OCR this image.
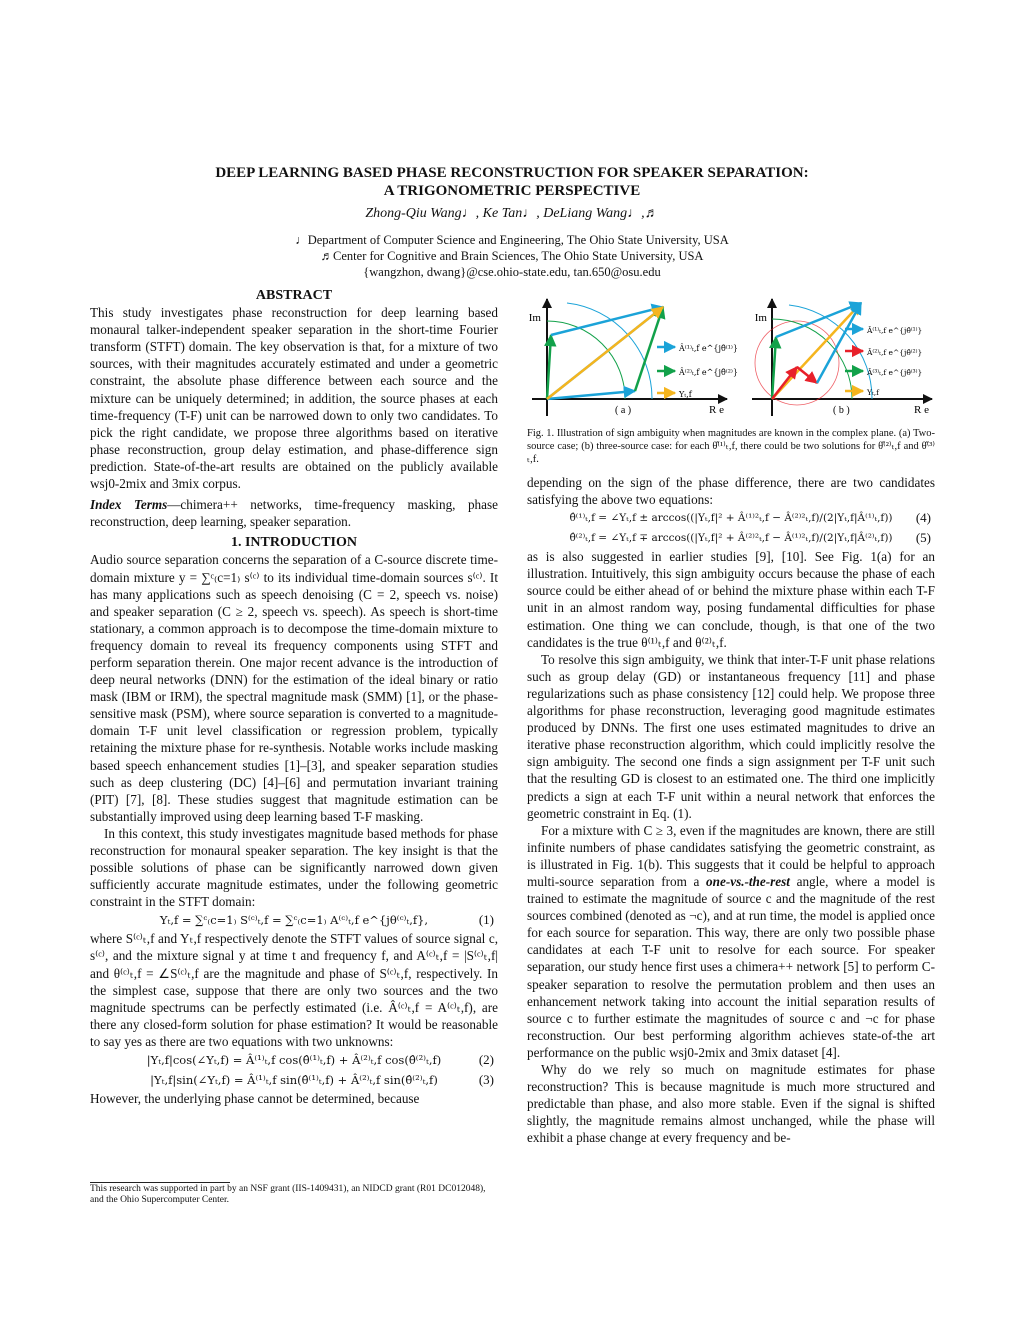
DEEP LEARNING BASED PHASE RECONSTRUCTION FOR SPEAKER SEPARATION:
A TRIGONOMETRIC PERSPECTIVE
Zhong-Qiu Wang♩, Ke Tan♩, DeLiang Wang♩,♬
♩Department of Computer Science and Engineering, The Ohio State University, USA
♬Center for Cognitive and Brain Sciences, The Ohio State University, USA
{wangzhon, dwang}@cse.ohio-state.edu, tan.650@osu.edu
ABSTRACT

This study investigates phase reconstruction for deep learning based monaural talker-independent speaker separation in the short-time Fourier transform (STFT) domain. The key observation is that, for a mixture of two sources, with their magnitudes accurately estimated and under a geometric constraint, the absolute phase difference between each source and the mixture can be uniquely determined; in addition, the source phases at each time-frequency (T-F) unit can be narrowed down to only two candidates. To pick the right candidate, we propose three algorithms based on iterative phase reconstruction, group delay estimation, and phase-difference sign prediction. State-of-the-art results are obtained on the publicly available wsj0-2mix and 3mix corpus.

Index Terms—chimera++ networks, time-frequency masking, phase reconstruction, deep learning, speaker separation.

1. INTRODUCTION

Audio source separation concerns the separation of a C-source discrete time-domain mixture y = ∑ᶜ₍c=1₎ s⁽ᶜ⁾ to its individual time-domain sources s⁽ᶜ⁾. It has many applications such as speech denoising (C = 2, speech vs. noise) and speaker separation (C ≥ 2, speech vs. speech). As speech is short-time stationary, a common approach is to decompose the time-domain mixture to frequency domain to reveal its frequency components using STFT and perform separation therein. One major recent advance is the introduction of deep neural networks (DNN) for the estimation of the ideal binary or ratio mask (IBM or IRM), the spectral magnitude mask (SMM) [1], or the phase-sensitive mask (PSM), where source separation is converted to a magnitude-domain T-F unit level classification or regression problem, typically retaining the mixture phase for re-synthesis. Notable works include masking based speech enhancement studies [1]–[3], and speaker separation studies such as deep clustering (DC) [4]–[6] and permutation invariant training (PIT) [7], [8]. These studies suggest that magnitude estimation can be substantially improved using deep learning based T-F masking.

In this context, this study investigates magnitude based methods for phase reconstruction for monaural speaker separation. The key insight is that the possible solutions of phase can be significantly narrowed down given sufficiently accurate magnitude estimates, under the following geometric constraint in the STFT domain:

Yₜ,f = ∑ᶜ₍c=1₎ S⁽ᶜ⁾ₜ,f = ∑ᶜ₍c=1₎ A⁽ᶜ⁾ₜ,f e^{jθ⁽ᶜ⁾ₜ,f},	(1)

where S⁽ᶜ⁾ₜ,f and Yₜ,f respectively denote the STFT values of source signal c, s⁽ᶜ⁾, and the mixture signal y at time t and frequency f, and A⁽ᶜ⁾ₜ,f = |S⁽ᶜ⁾ₜ,f| and θ⁽ᶜ⁾ₜ,f = ∠S⁽ᶜ⁾ₜ,f are the magnitude and phase of S⁽ᶜ⁾ₜ,f, respectively. In the simplest case, suppose that there are only two sources and the two magnitude spectrums can be perfectly estimated (i.e. Â⁽ᶜ⁾ₜ,f = A⁽ᶜ⁾ₜ,f), are there any closed-form solution for phase estimation? It would be reasonable to say yes as there are two equations with two unknowns:

|Yₜ,f|cos(∠Yₜ,f) = Â⁽¹⁾ₜ,f cos(θ̂⁽¹⁾ₜ,f) + Â⁽²⁾ₜ,f cos(θ̂⁽²⁾ₜ,f)	(2)
|Yₜ,f|sin(∠Yₜ,f) = Â⁽¹⁾ₜ,f sin(θ̂⁽¹⁾ₜ,f) + Â⁽²⁾ₜ,f sin(θ̂⁽²⁾ₜ,f)	(3)

However, the underlying phase cannot be determined, because

This research was supported in part by an NSF grant (IIS-1409431), an NIDCD grant (R01 DC012048), and the Ohio Supercomputer Center.
Im
R e
( a )
Â⁽¹⁾ₜ,f e^{jθ̂⁽¹⁾}
Â⁽²⁾ₜ,f e^{jθ̂⁽²⁾}
Yₜ,f
Im
R e
( b )
Â⁽¹⁾ₜ,f e^{jθ̂⁽¹⁾}
Â⁽²⁾ₜ,f e^{jθ̂⁽²⁾}
Â⁽³⁾ₜ,f e^{jθ̂⁽³⁾}
Yₜ,f

Fig. 1. Illustration of sign ambiguity when magnitudes are known in the complex plane. (a) Two-source case; (b) three-source case: for each θ̂⁽¹⁾ₜ,f, there could be two solutions for θ̂⁽²⁾ₜ,f and θ̂⁽³⁾ₜ,f.

depending on the sign of the phase difference, there are two candidates satisfying the above two equations:

θ̂⁽¹⁾ₜ,f = ∠Yₜ,f ± arccos((|Yₜ,f|² + Â⁽¹⁾²ₜ,f − Â⁽²⁾²ₜ,f)/(2|Yₜ,f|Â⁽¹⁾ₜ,f)) (4)
θ̂⁽²⁾ₜ,f = ∠Yₜ,f ∓ arccos((|Yₜ,f|² + Â⁽²⁾²ₜ,f − Â⁽¹⁾²ₜ,f)/(2|Yₜ,f|Â⁽²⁾ₜ,f)) (5)

as is also suggested in earlier studies [9], [10]. See Fig. 1(a) for an illustration. Intuitively, this sign ambiguity occurs because the phase of each source could be either ahead of or behind the mixture phase within each T-F unit in an almost random way, posing fundamental difficulties for phase estimation. One thing we can conclude, though, is that one of the two candidates is the true θ⁽¹⁾ₜ,f and θ⁽²⁾ₜ,f.

To resolve this sign ambiguity, we think that inter-T-F unit phase relations such as group delay (GD) or instantaneous frequency [11] and phase regularizations such as phase consistency [12] could help. We propose three algorithms for phase reconstruction, leveraging good magnitude estimates produced by DNNs. The first one uses estimated magnitudes to drive an iterative phase reconstruction algorithm, which could implicitly resolve the sign ambiguity. The second one finds a sign assignment per T-F unit such that the resulting GD is closest to an estimated one. The third one implicitly predicts a sign at each T-F unit within a neural network that enforces the geometric constraint in Eq. (1).

For a mixture with C ≥ 3, even if the magnitudes are known, there are still infinite numbers of phase candidates satisfying the geometric constraint, as is illustrated in Fig. 1(b). This suggests that it could be helpful to approach multi-source separation from a one-vs.-the-rest angle, where a model is trained to estimate the magnitude of source c and the magnitude of the rest sources combined (denoted as ¬c), and at run time, the model is applied once for each source for separation. This way, there are only two possible phase candidates at each T-F unit to resolve for each source. For speaker separation, our study hence first uses a chimera++ network [5] to perform C-speaker separation to resolve the permutation problem and then uses an enhancement network taking into account the initial separation results of source c to further estimate the magnitudes of source c and ¬c for phase reconstruction. Our best performing algorithm achieves state-of-the art performance on the public wsj0-2mix and 3mix dataset [4].

Why do we rely so much on magnitude estimates for phase reconstruction? This is because magnitude is much more structured and predictable than phase, and also more stable. Even if the signal is shifted slightly, the magnitude remains almost unchanged, while the phase will exhibit a phase change at every frequency and be-
